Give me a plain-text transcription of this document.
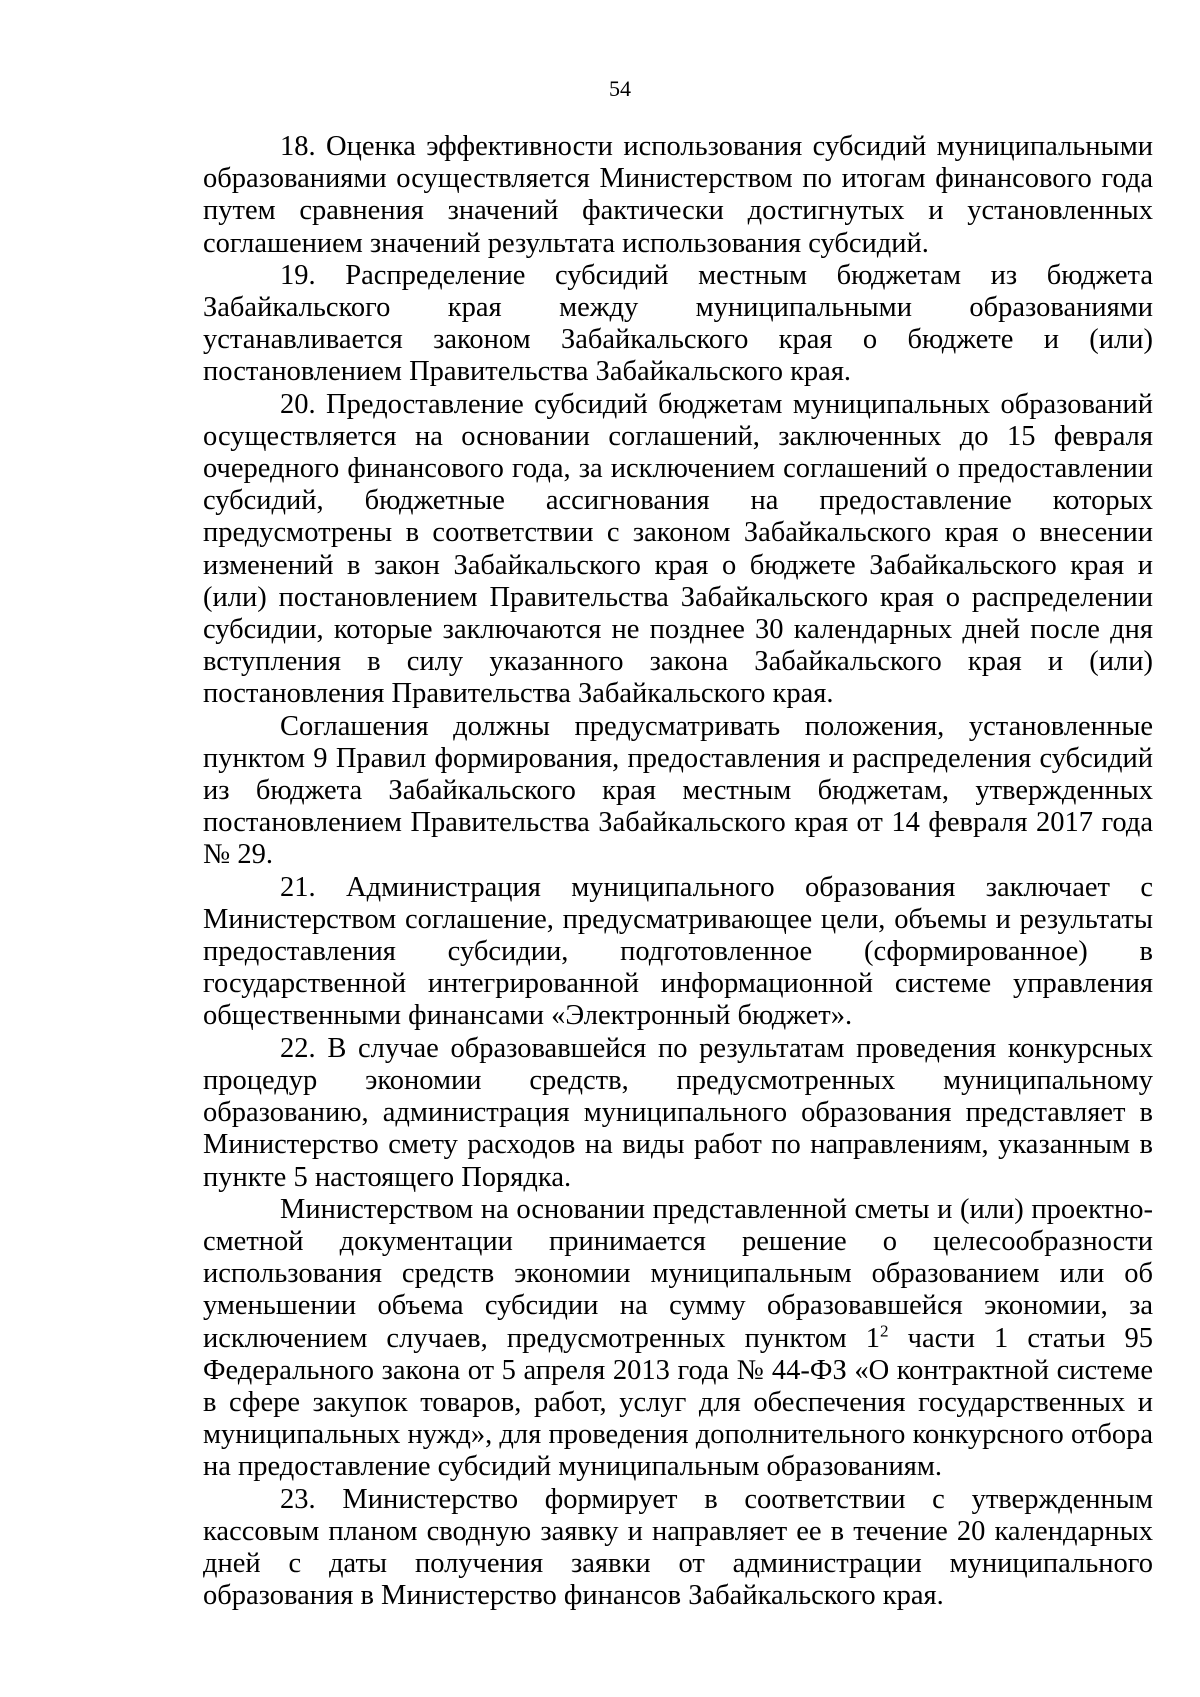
54

18. Оценка эффективности использования субсидий муниципальными образованиями осуществляется Министерством по итогам финансового года путем сравнения значений фактически достигнутых и установленных соглашением значений результата использования субсидий.

19. Распределение субсидий местным бюджетам из бюджета Забайкальского края между муниципальными образованиями устанавливается законом Забайкальского края о бюджете и (или) постановлением Правительства Забайкальского края.

20. Предоставление субсидий бюджетам муниципальных образований осуществляется на основании соглашений, заключенных до 15 февраля очередного финансового года, за исключением соглашений о предоставлении субсидий, бюджетные ассигнования на предоставление которых предусмотрены в соответствии с законом Забайкальского края о внесении изменений в закон Забайкальского края о бюджете Забайкальского края и (или) постановлением Правительства Забайкальского края о распределении субсидии, которые заключаются не позднее 30 календарных дней после дня вступления в силу указанного закона Забайкальского края и (или) постановления Правительства Забайкальского края.

Соглашения должны предусматривать положения, установленные пунктом 9 Правил формирования, предоставления и распределения субсидий из бюджета Забайкальского края местным бюджетам, утвержденных постановлением Правительства Забайкальского края от 14 февраля 2017 года № 29.

21. Администрация муниципального образования заключает с Министерством соглашение, предусматривающее цели, объемы и результаты предоставления субсидии, подготовленное (сформированное) в государственной интегрированной информационной системе управления общественными финансами «Электронный бюджет».

22. В случае образовавшейся по результатам проведения конкурсных процедур экономии средств, предусмотренных муниципальному образованию, администрация муниципального образования представляет в Министерство смету расходов на виды работ по направлениям, указанным в пункте 5 настоящего Порядка.

Министерством на основании представленной сметы и (или) проектно-сметной документации принимается решение о целесообразности использования средств экономии муниципальным образованием или об уменьшении объема субсидии на сумму образовавшейся экономии, за исключением случаев, предусмотренных пунктом $1^2$ части 1 статьи 95 Федерального закона от 5 апреля 2013 года № 44-ФЗ «О контрактной системе в сфере закупок товаров, работ, услуг для обеспечения государственных и муниципальных нужд», для проведения дополнительного конкурсного отбора на предоставление субсидий муниципальным образованиям.

23. Министерство формирует в соответствии с утвержденным кассовым планом сводную заявку и направляет ее в течение 20 календарных дней с даты получения заявки от администрации муниципального образования в Министерство финансов Забайкальского края.
